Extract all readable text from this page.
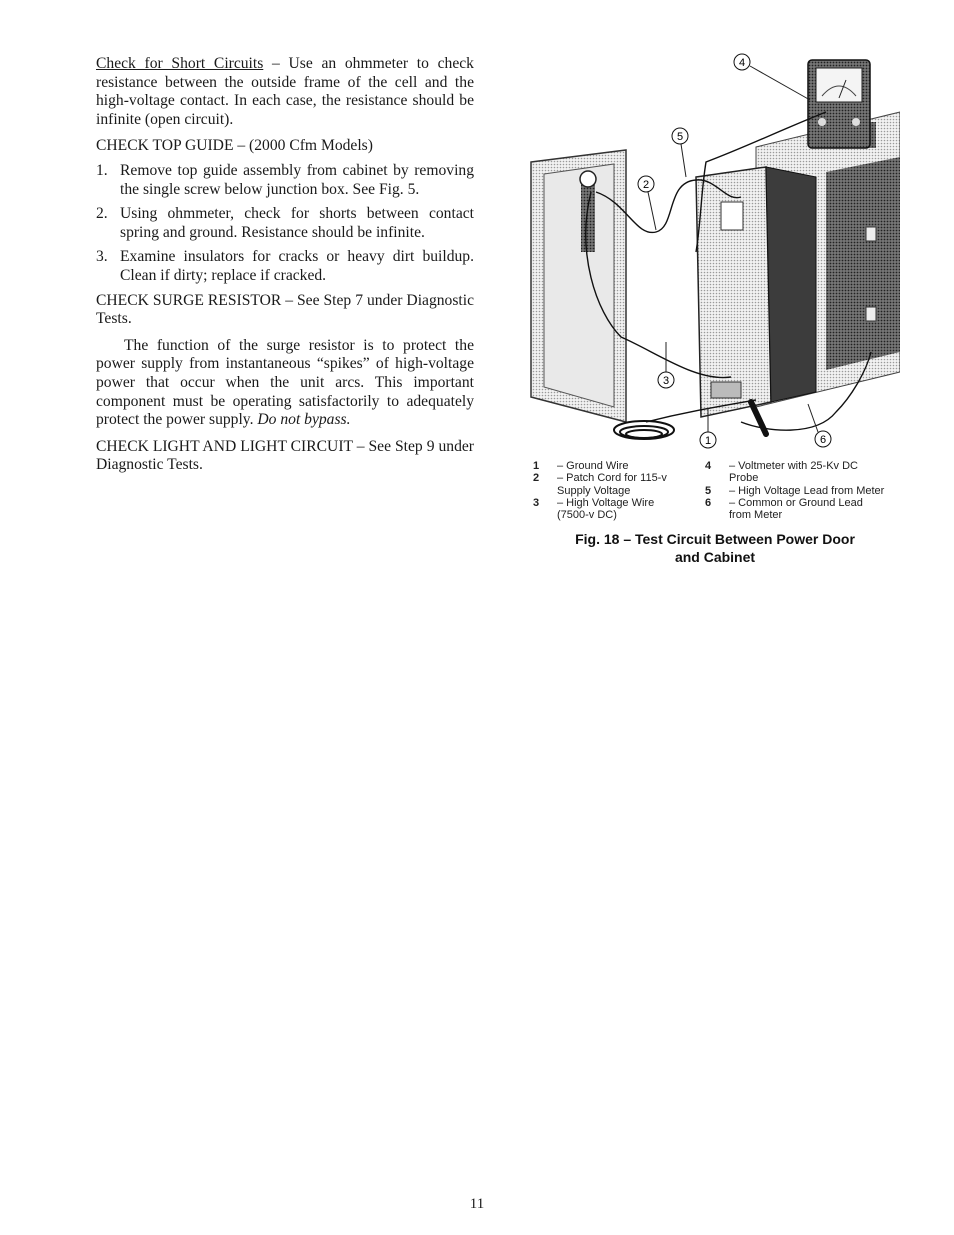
Check for Short Circuits – Use an ohmmeter to check resistance between the outside frame of the cell and the high-voltage contact. In each case, the resistance should be infinite (open circuit).

CHECK TOP GUIDE – (2000 Cfm Models)

1. Remove top guide assembly from cabinet by removing the single screw below junction box. See Fig. 5.
2. Using ohmmeter, check for shorts between contact spring and ground. Resistance should be infinite.
3. Examine insulators for cracks or heavy dirt buildup. Clean if dirty; replace if cracked.

CHECK SURGE RESISTOR – See Step 7 under Diagnostic Tests.

The function of the surge resistor is to protect the power supply from instantaneous “spikes” of high-voltage power that occur when the unit arcs. This important component must be operating satisfactorily to adequately protect the power supply. Do not bypass.

CHECK LIGHT AND LIGHT CIRCUIT – See Step 9 under Diagnostic Tests.

4
5
2
3
1	6
1	– Ground Wire
2	– Patch Cord for 115-v Supply Voltage
3	– High Voltage Wire (7500-v DC)
4	– Voltmeter with 25-Kv DC Probe
5	– High Voltage Lead from Meter
6	– Common or Ground Lead from Meter
Fig. 18 – Test Circuit Between Power Door
and Cabinet
11
